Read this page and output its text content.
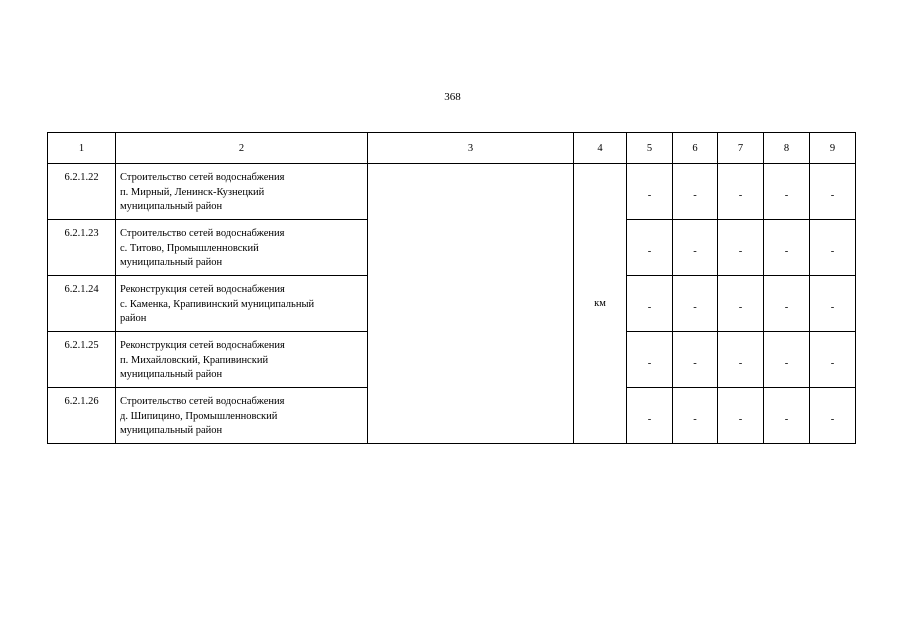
368
1	2	3	4	5	6	7	8	9
6.2.1.22	Строительство сетей водоснабжения
п. Мирный, Ленинск-Кузнецкий
муниципальный район		км	-	-	-	-	-
6.2.1.23	Строительство сетей водоснабжения
с. Титово, Промышленновский
муниципальный район			-	-	-	-	-
6.2.1.24	Реконструкция сетей водоснабжения
с. Каменка, Крапивинский муниципальный
район			-	-	-	-	-
6.2.1.25	Реконструкция сетей водоснабжения
п. Михайловский, Крапивинский
муниципальный район			-	-	-	-	-
6.2.1.26	Строительство сетей водоснабжения
д. Шипицино, Промышленновский
муниципальный район			-	-	-	-	-
